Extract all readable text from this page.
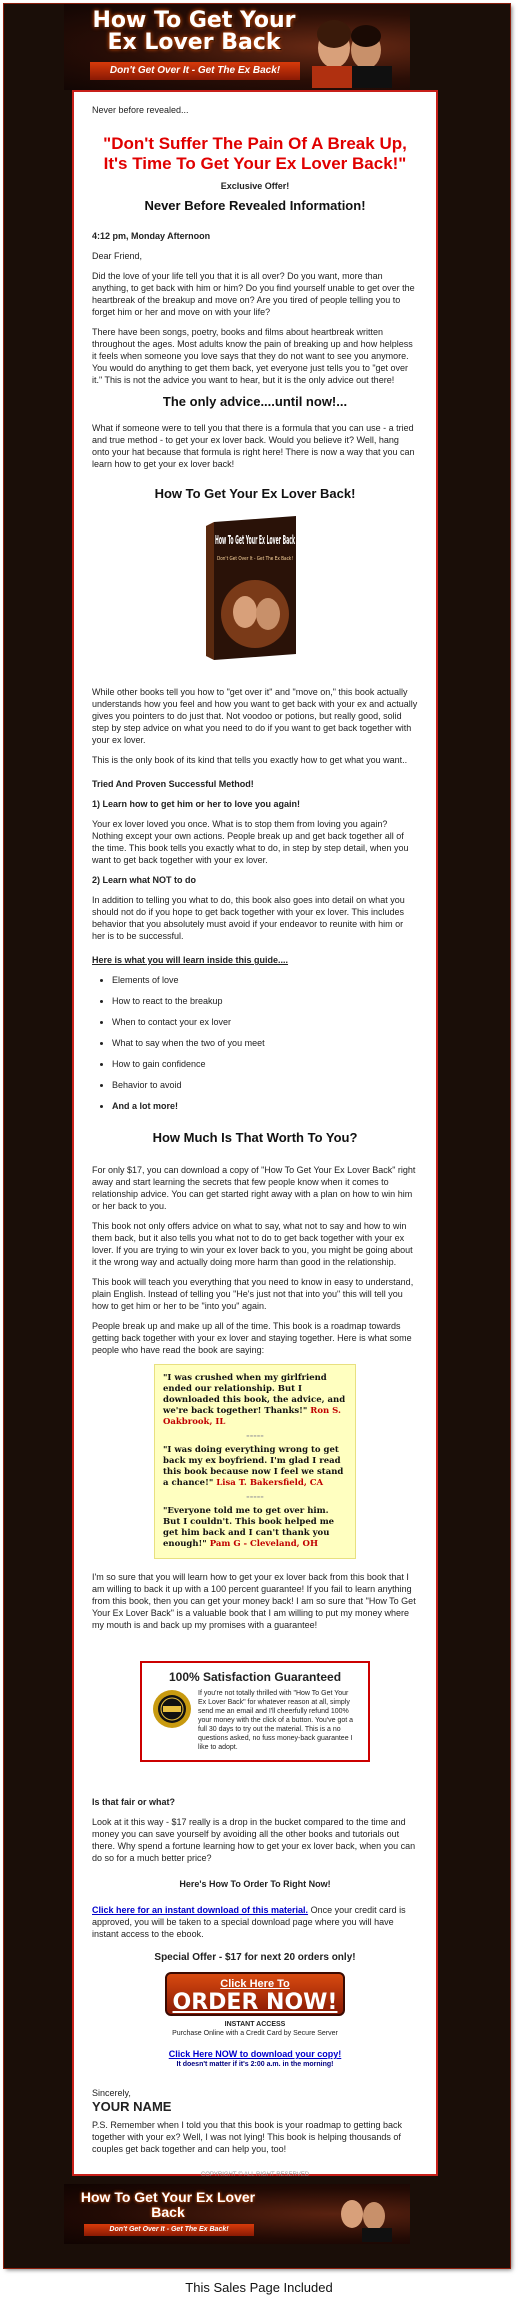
How To Get Your Ex Lover Back
Don't Get Over It - Get The Ex Back!

Never before revealed...

"Don't Suffer The Pain Of A Break Up, It's Time To Get Your Ex Lover Back!"

Exclusive Offer!

Never Before Revealed Information!

4:12 pm, Monday Afternoon

Dear Friend,

Did the love of your life tell you that it is all over? Do you want, more than anything, to get back with him or him? Do you find yourself unable to get over the heartbreak of the breakup and move on? Are you tired of people telling you to forget him or her and move on with your life?

There have been songs, poetry, books and films about heartbreak written throughout the ages. Most adults know the pain of breaking up and how helpless it feels when someone you love says that they do not want to see you anymore. You would do anything to get them back, yet everyone just tells you to "get over it." This is not the advice you want to hear, but it is the only advice out there!

The only advice....until now!...

What if someone were to tell you that there is a formula that you can use - a tried and true method - to get your ex lover back. Would you believe it? Well, hang onto your hat because that formula is right here! There is now a way that you can learn how to get your ex lover back!

How To Get Your Ex Lover Back!
How To Get Your Ex Lover Back
Don't Get Over It - Get The Ex Back!

While other books tell you how to "get over it" and "move on," this book actually understands how you feel and how you want to get back with your ex and actually gives you pointers to do just that. Not voodoo or potions, but really good, solid step by step advice on what you need to do if you want to get back together with your ex lover.

This is the only book of its kind that tells you exactly how to get what you want..

Tried And Proven Successful Method!

1) Learn how to get him or her to love you again!

Your ex lover loved you once. What is to stop them from loving you again? Nothing except your own actions. People break up and get back together all of the time. This book tells you exactly what to do, in step by step detail, when you want to get back together with your ex lover.

2) Learn what NOT to do

In addition to telling you what to do, this book also goes into detail on what you should not do if you hope to get back together with your ex lover. This includes behavior that you absolutely must avoid if your endeavor to reunite with him or her is to be successful.

Here is what you will learn inside this guide....

• Elements of love
• How to react to the breakup
• When to contact your ex lover
• What to say when the two of you meet
• How to gain confidence
• Behavior to avoid
• And a lot more!
How Much Is That Worth To You?

For only $17, you can download a copy of "How To Get Your Ex Lover Back" right away and start learning the secrets that few people know when it comes to relationship advice. You can get started right away with a plan on how to win him or her back to you.

This book not only offers advice on what to say, what not to say and how to win them back, but it also tells you what not to do to get back together with your ex lover. If you are trying to win your ex lover back to you, you might be going about it the wrong way and actually doing more harm than good in the relationship.

This book will teach you everything that you need to know in easy to understand, plain English. Instead of telling you "He's just not that into you" this will tell you how to get him or her to be "into you" again.

People break up and make up all of the time. This book is a roadmap towards getting back together with your ex lover and staying together. Here is what some people who have read the book are saying:

"I was crushed when my girlfriend ended our relationship. But I downloaded this book, the advice, and we're back together! Thanks!" Ron S. Oakbrook, IL
-----
"I was doing everything wrong to get back my ex boyfriend. I'm glad I read this book because now I feel we stand a chance!" Lisa T. Bakersfield, CA
-----
"Everyone told me to get over him. But I couldn't. This book helped me get him back and I can't thank you enough!" Pam G - Cleveland, OH

I'm so sure that you will learn how to get your ex lover back from this book that I am willing to back it up with a 100 percent guarantee! If you fail to learn anything from this book, then you can get your money back! I am so sure that "How To Get Your Ex Lover Back" is a valuable book that I am willing to put my money where my mouth is and back up my promises with a guarantee!

100% Satisfaction Guaranteed
If you're not totally thrilled with "How To Get Your Ex Lover Back" for whatever reason at all, simply send me an email and I'll cheerfully refund 100% your money with the click of a button. You've got a full 30 days to try out the material. This is a no questions asked, no fuss money-back guarantee I like to adopt.

Is that fair or what?

Look at it this way - $17 really is a drop in the bucket compared to the time and money you can save yourself by avoiding all the other books and tutorials out there. Why spend a fortune learning how to get your ex lover back, when you can do so for a much better price?

Here's How To Order To Right Now!

Click here for an instant download of this material. Once your credit card is approved, you will be taken to a special download page where you will have instant access to the ebook.

Special Offer - $17 for next 20 orders only!

Click Here To
ORDER NOW!
INSTANT ACCESS
Purchase Online with a Credit Card by Secure Server

Click Here NOW to download your copy!

It doesn't matter if it's 2:00 a.m. in the morning!

Sincerely,

YOUR NAME

P.S. Remember when I told you that this book is your roadmap to getting back together with your ex? Well, I was not lying! This book is helping thousands of couples get back together and can help you, too!

COPYRIGHT © ALL RIGHT RESERVED
How To Get Your Ex Lover Back
Don't Get Over It - Get The Ex Back!
This Sales Page Included
